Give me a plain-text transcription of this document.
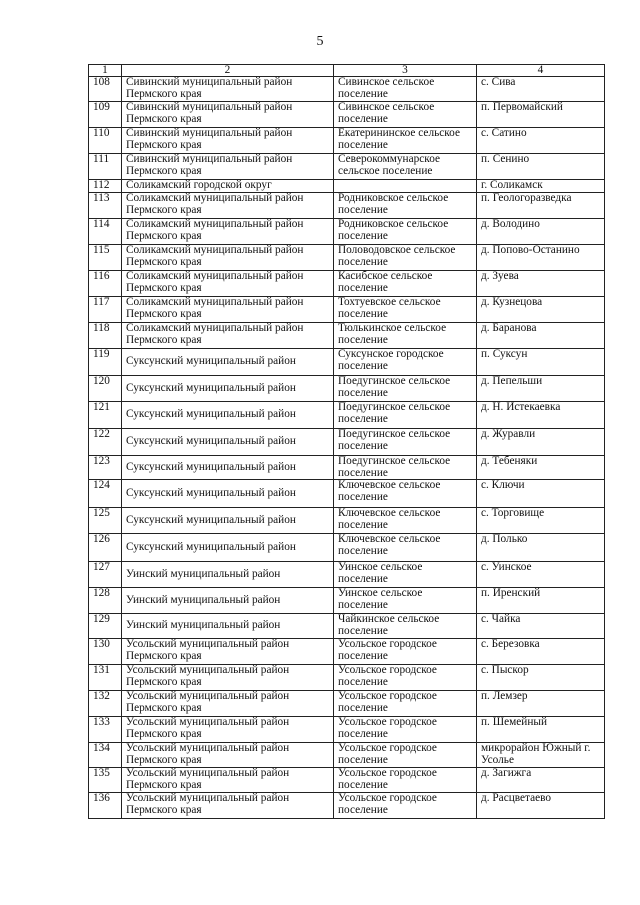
5
1	2	3	4
108	Сивинский муниципальный район Пермского края	Сивинское сельское поселение	с. Сива
109	Сивинский муниципальный район Пермского края	Сивинское сельское поселение	п. Первомайский
110	Сивинский муниципальный район Пермского края	Екатерининское сельское поселение	с. Сатино
111	Сивинский муниципальный район Пермского края	Северокоммунарское сельское поселение	п. Сенино
112	Соликамский городской округ		г. Соликамск
113	Соликамский муниципальный район Пермского края	Родниковское сельское поселение	п. Геологоразведка
114	Соликамский муниципальный район Пермского края	Родниковское сельское поселение	д. Володино
115	Соликамский муниципальный район Пермского края	Половодовское сельское поселение	д. Попово-Останино
116	Соликамский муниципальный район Пермского края	Касибское сельское поселение	д. Зуева
117	Соликамский муниципальный район Пермского края	Тохтуевское сельское поселение	д. Кузнецова
118	Соликамский муниципальный район Пермского края	Тюлькинское сельское поселение	д. Баранова
119	Суксунский муниципальный район	Суксунское городское поселение	п. Суксун
120	Суксунский муниципальный район	Поедугинское сельское поселение	д. Пепельши
121	Суксунский муниципальный район	Поедугинское сельское поселение	д. Н. Истекаевка
122	Суксунский муниципальный район	Поедугинское сельское поселение	д. Журавли
123	Суксунский муниципальный район	Поедугинское сельское поселение	д. Тебеняки
124	Суксунский муниципальный район	Ключевское сельское поселение	с. Ключи
125	Суксунский муниципальный район	Ключевское сельское поселение	с. Торговище
126	Суксунский муниципальный район	Ключевское сельское поселение	д. Полько
127	Уинский муниципальный район	Уинское сельское поселение	с. Уинское
128	Уинский муниципальный район	Уинское сельское поселение	п. Иренский
129	Уинский муниципальный район	Чайкинское сельское поселение	с. Чайка
130	Усольский муниципальный район Пермского края	Усольское городское поселение	с. Березовка
131	Усольский муниципальный район Пермского края	Усольское городское поселение	с. Пыскор
132	Усольский муниципальный район Пермского края	Усольское городское поселение	п. Лемзер
133	Усольский муниципальный район Пермского края	Усольское городское поселение	п. Шемейный
134	Усольский муниципальный район Пермского края	Усольское городское поселение	микрорайон Южный г. Усолье
135	Усольский муниципальный район Пермского края	Усольское городское поселение	д. Загижга
136	Усольский муниципальный район Пермского края	Усольское городское поселение	д. Расцветаево
